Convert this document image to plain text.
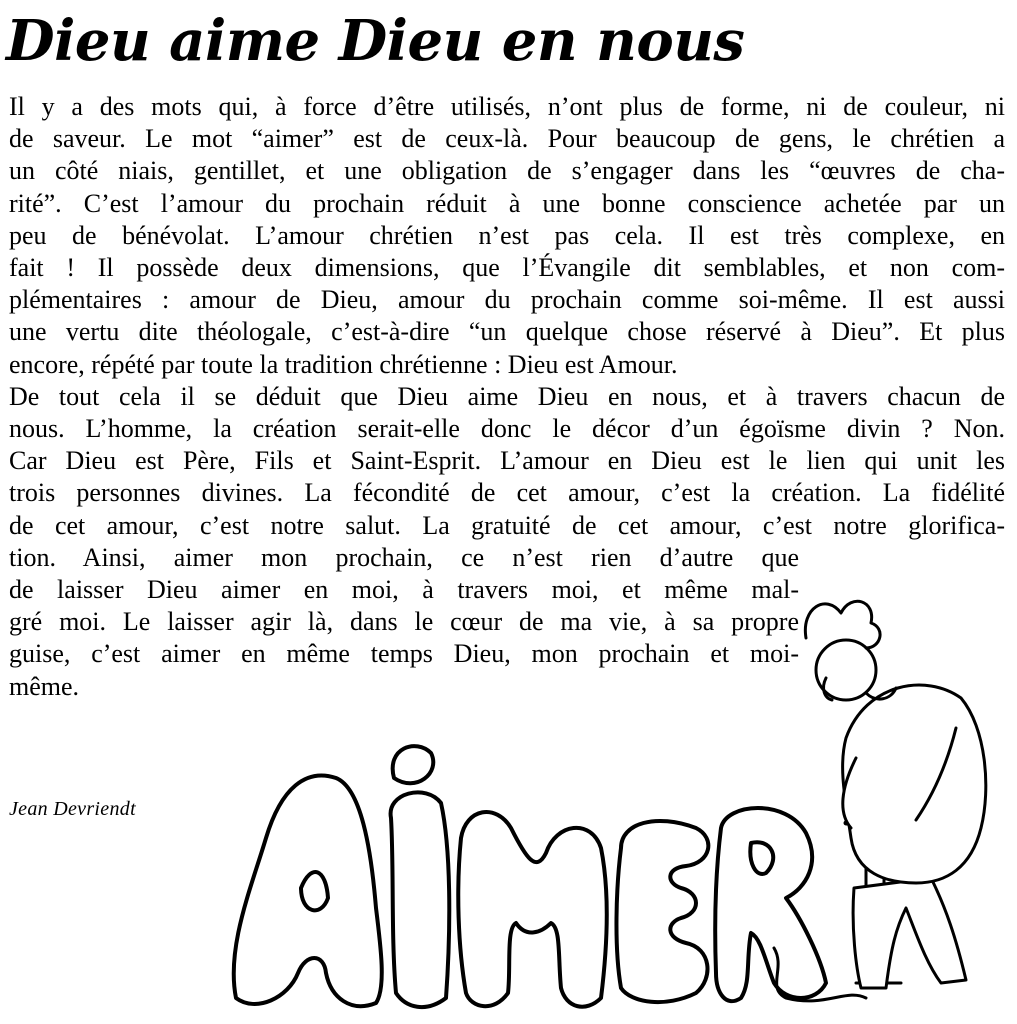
Dieu aime Dieu en nous

Il y a des mots qui, à force d’être utilisés, n’ont plus de forme, ni de couleur, ni
de saveur. Le mot “aimer” est de ceux-là. Pour beaucoup de gens, le chrétien a
un côté niais, gentillet, et une obligation de s’engager dans les “œuvres de cha-
rité”. C’est l’amour du prochain réduit à une bonne conscience achetée par un
peu de bénévolat. L’amour chrétien n’est pas cela. Il est très complexe, en
fait ! Il possède deux dimensions, que l’Évangile dit semblables, et non com-
plémentaires : amour de Dieu, amour du prochain comme soi-même. Il est aussi
une vertu dite théologale, c’est-à-dire “un quelque chose réservé à Dieu”. Et plus
encore, répété par toute la tradition chrétienne : Dieu est Amour.

De tout cela il se déduit que Dieu aime Dieu en nous, et à travers chacun de
nous. L’homme, la création serait-elle donc le décor d’un égoïsme divin ? Non.
Car Dieu est Père, Fils et Saint-Esprit. L’amour en Dieu est le lien qui unit les
trois personnes divines. La fécondité de cet amour, c’est la création. La fidélité
de cet amour, c’est notre salut. La gratuité de cet amour, c’est notre glorifica-
tion. Ainsi, aimer mon prochain, ce n’est rien d’autre que
de laisser Dieu aimer en moi, à travers moi, et même mal-
gré moi. Le laisser agir là, dans le cœur de ma vie, à sa propre
guise, c’est aimer en même temps Dieu, mon prochain et moi-
même.

Jean Devriendt
